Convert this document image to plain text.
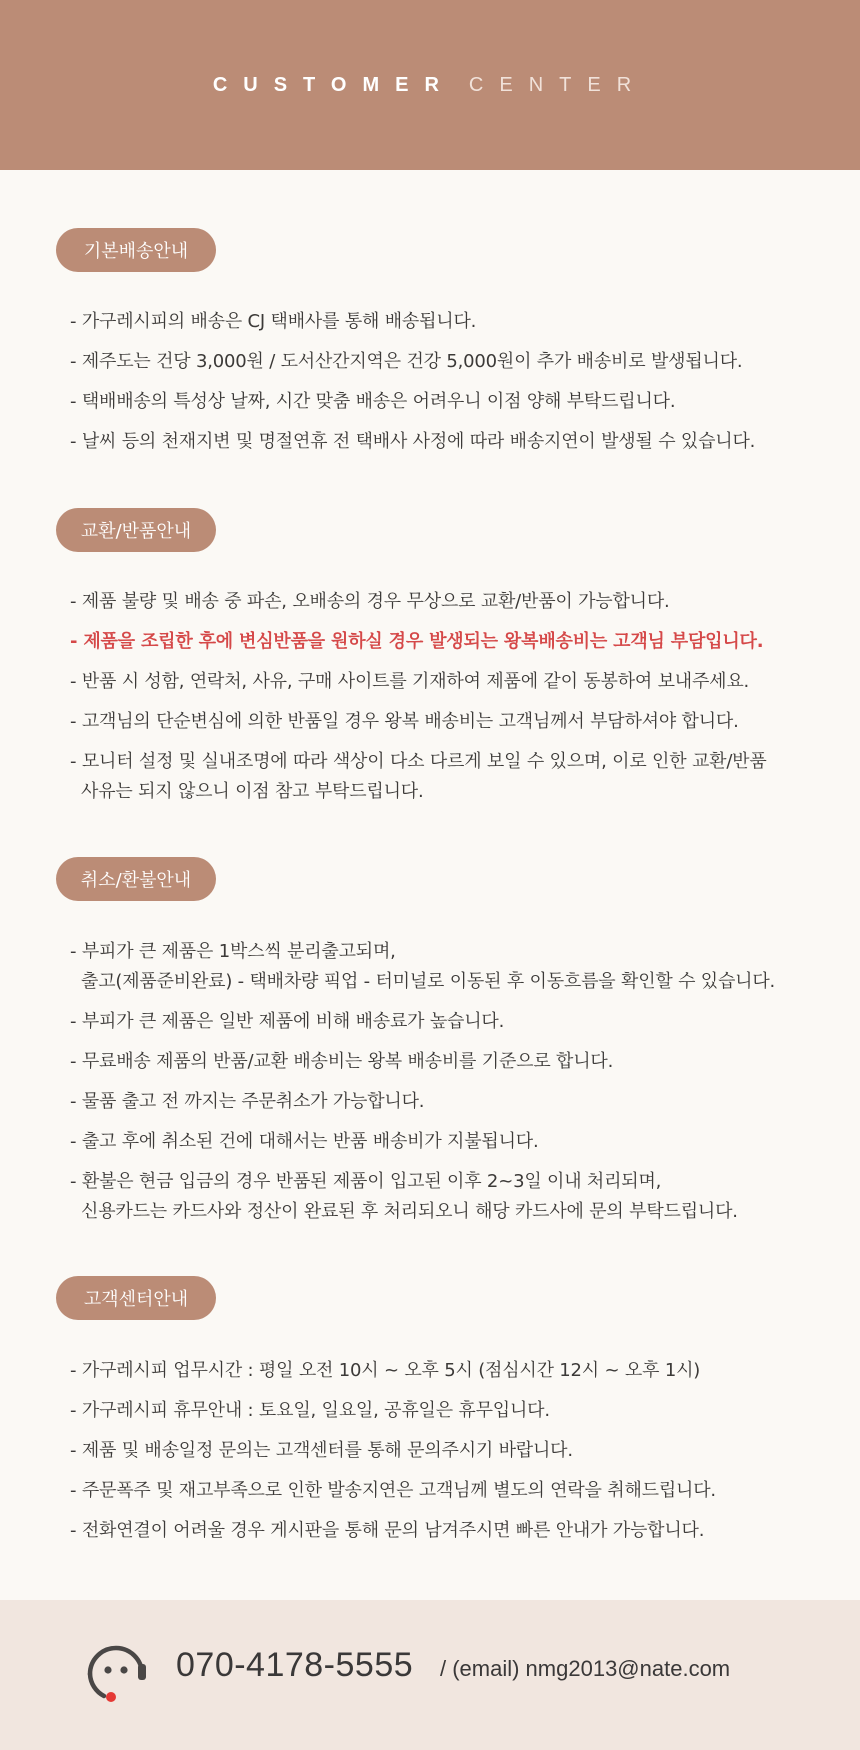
CUSTOMER CENTER
기본배송안내
- 가구레시피의 배송은 CJ 택배사를 통해 배송됩니다.
- 제주도는 건당 3,000원 / 도서산간지역은 건강 5,000원이 추가 배송비로 발생됩니다.
- 택배배송의 특성상 날짜, 시간 맞춤 배송은 어려우니 이점 양해 부탁드립니다.
- 날씨 등의 천재지변 및 명절연휴 전 택배사 사정에 따라 배송지연이 발생될 수 있습니다.
교환/반품안내
- 제품 불량 및 배송 중 파손, 오배송의 경우 무상으로 교환/반품이 가능합니다.
- 제품을 조립한 후에 변심반품을 원하실 경우 발생되는 왕복배송비는 고객님 부담입니다.
- 반품 시 성함, 연락처, 사유, 구매 사이트를 기재하여 제품에 같이 동봉하여 보내주세요.
- 고객님의 단순변심에 의한 반품일 경우 왕복 배송비는 고객님께서 부담하셔야 합니다.
- 모니터 설정 및 실내조명에 따라 색상이 다소 다르게 보일 수 있으며, 이로 인한 교환/반품
사유는 되지 않으니 이점 참고 부탁드립니다.
취소/환불안내
- 부피가 큰 제품은 1박스씩 분리출고되며,
출고(제품준비완료) - 택배차량 픽업 - 터미널로 이동된 후 이동흐름을 확인할 수 있습니다.
- 부피가 큰 제품은 일반 제품에 비해 배송료가 높습니다.
- 무료배송 제품의 반품/교환 배송비는 왕복 배송비를 기준으로 합니다.
- 물품 출고 전 까지는 주문취소가 가능합니다.
- 출고 후에 취소된 건에 대해서는 반품 배송비가 지불됩니다.
- 환불은 현금 입금의 경우 반품된 제품이 입고된 이후 2~3일 이내 처리되며,
신용카드는 카드사와 정산이 완료된 후 처리되오니 해당 카드사에 문의 부탁드립니다.
고객센터안내
- 가구레시피 업무시간 : 평일 오전 10시 ~ 오후 5시 (점심시간 12시 ~ 오후 1시)
- 가구레시피 휴무안내 : 토요일, 일요일, 공휴일은 휴무입니다.
- 제품 및 배송일정 문의는 고객센터를 통해 문의주시기 바랍니다.
- 주문폭주 및 재고부족으로 인한 발송지연은 고객님께 별도의 연락을 취해드립니다.
- 전화연결이 어려울 경우 게시판을 통해 문의 남겨주시면 빠른 안내가 가능합니다.
070-4178-5555 / (email) nmg2013@nate.com
